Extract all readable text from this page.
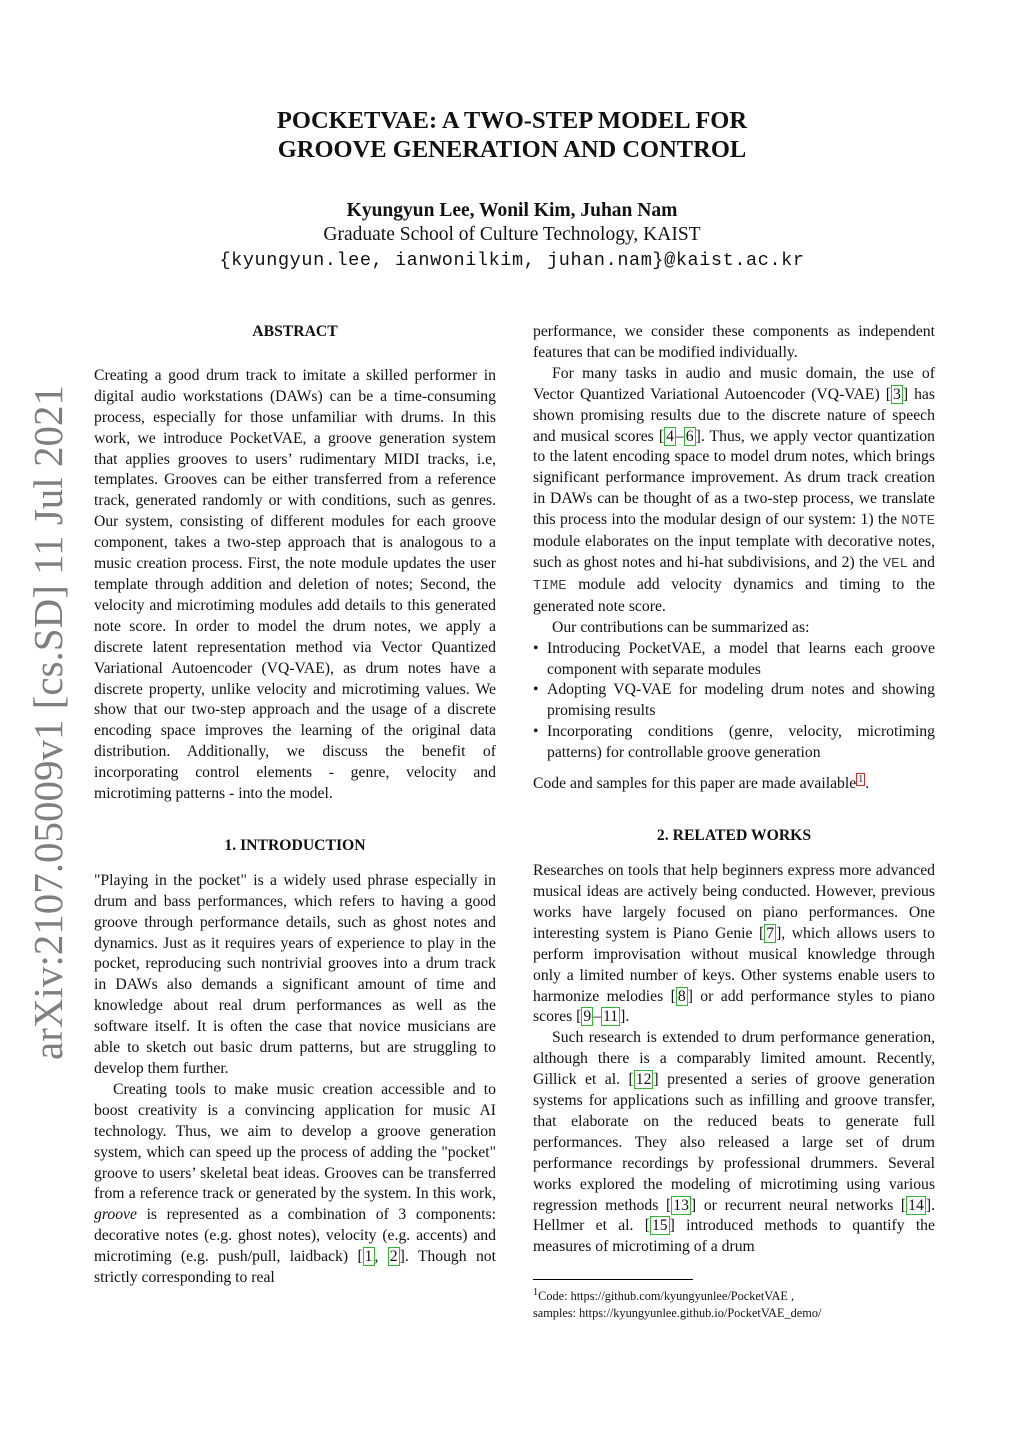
arXiv:2107.05009v1 [cs.SD] 11 Jul 2021
POCKETVAE: A TWO-STEP MODEL FOR
GROOVE GENERATION AND CONTROL
Kyungyun Lee, Wonil Kim, Juhan Nam
Graduate School of Culture Technology, KAIST
{kyungyun.lee, ianwonilkim, juhan.nam}@kaist.ac.kr
ABSTRACT

Creating a good drum track to imitate a skilled performer in digital audio workstations (DAWs) can be a time-consuming process, especially for those unfamiliar with drums. In this work, we introduce PocketVAE, a groove generation system that applies grooves to users’ rudimentary MIDI tracks, i.e, templates. Grooves can be either transferred from a reference track, generated randomly or with conditions, such as genres. Our system, consisting of different modules for each groove component, takes a two-step approach that is analogous to a music creation process. First, the note module updates the user template through addition and deletion of notes; Second, the velocity and microtiming modules add details to this generated note score. In order to model the drum notes, we apply a discrete latent representation method via Vector Quantized Variational Autoencoder (VQ-VAE), as drum notes have a discrete property, unlike velocity and microtiming values. We show that our two-step approach and the usage of a discrete encoding space improves the learning of the original data distribution. Additionally, we discuss the benefit of incorporating control elements - genre, velocity and microtiming patterns - into the model.

1. INTRODUCTION

"Playing in the pocket" is a widely used phrase especially in drum and bass performances, which refers to having a good groove through performance details, such as ghost notes and dynamics. Just as it requires years of experience to play in the pocket, reproducing such nontrivial grooves into a drum track in DAWs also demands a significant amount of time and knowledge about real drum performances as well as the software itself. It is often the case that novice musicians are able to sketch out basic drum patterns, but are struggling to develop them further.

Creating tools to make music creation accessible and to boost creativity is a convincing application for music AI technology. Thus, we aim to develop a groove generation system, which can speed up the process of adding the "pocket" groove to users’ skeletal beat ideas. Grooves can be transferred from a reference track or generated by the system. In this work, groove is represented as a combination of 3 components: decorative notes (e.g. ghost notes), velocity (e.g. accents) and microtiming (e.g. push/pull, laidback) [ 1 , 2 ]. Though not strictly corresponding to real

performance, we consider these components as independent features that can be modified individually.

For many tasks in audio and music domain, the use of Vector Quantized Variational Autoencoder (VQ-VAE) [ 3 ] has shown promising results due to the discrete nature of speech and musical scores [ 4 – 6 ]. Thus, we apply vector quantization to the latent encoding space to model drum notes, which brings significant performance improvement. As drum track creation in DAWs can be thought of as a two-step process, we translate this process into the modular design of our system: 1) the NOTE module elaborates on the input template with decorative notes, such as ghost notes and hi-hat subdivisions, and 2) the VEL and TIME module add velocity dynamics and timing to the generated note score.

Our contributions can be summarized as:

• Introducing PocketVAE, a model that learns each groove component with separate modules
• Adopting VQ-VAE for modeling drum notes and showing promising results
• Incorporating conditions (genre, velocity, microtiming patterns) for controllable groove generation

Code and samples for this paper are made available $^1$ .

2. RELATED WORKS

Researches on tools that help beginners express more advanced musical ideas are actively being conducted. However, previous works have largely focused on piano performances. One interesting system is Piano Genie [ 7 ], which allows users to perform improvisation without musical knowledge through only a limited number of keys. Other systems enable users to harmonize melodies [ 8 ] or add performance styles to piano scores [ 9 – 11 ].

Such research is extended to drum performance generation, although there is a comparably limited amount. Recently, Gillick et al. [ 12 ] presented a series of groove generation systems for applications such as infilling and groove transfer, that elaborate on the reduced beats to generate full performances. They also released a large set of drum performance recordings by professional drummers. Several works explored the modeling of microtiming using various regression methods [ 13 ] or recurrent neural networks [ 14 ]. Hellmer et al. [ 15 ] introduced methods to quantify the measures of microtiming of a drum

$^1$Code: https://github.com/kyungyunlee/PocketVAE ,
samples: https://kyungyunlee.github.io/PocketVAE_demo/
